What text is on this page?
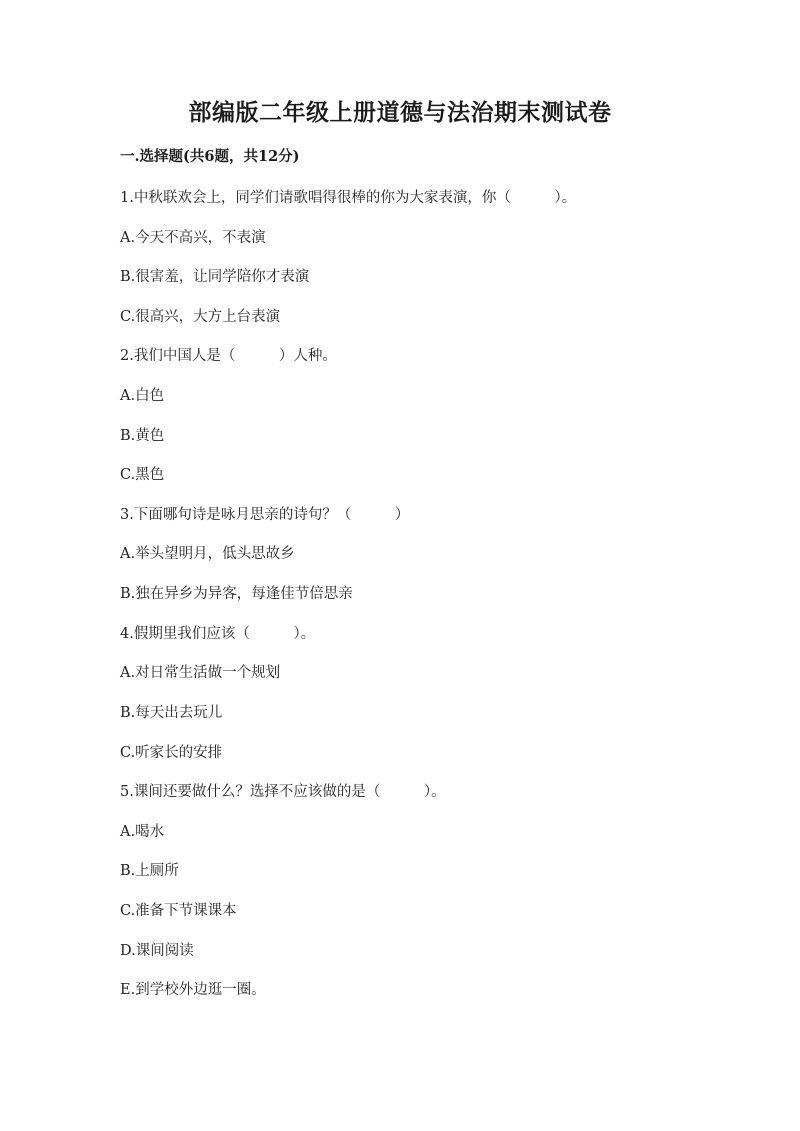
部编版二年级上册道德与法治期末测试卷
一.选择题(共6题，共12分)
1.中秋联欢会上，同学们请歌唱得很棒的你为大家表演，你（　　　）。
A.今天不高兴，不表演
B.很害羞，让同学陪你才表演
C.很高兴，大方上台表演
2.我们中国人是（　　　）人种。
A.白色
B.黄色
C.黑色
3.下面哪句诗是咏月思亲的诗句？（　　　）
A.举头望明月，低头思故乡
B.独在异乡为异客，每逢佳节倍思亲
4.假期里我们应该（　　　）。
A.对日常生活做一个规划
B.每天出去玩儿
C.听家长的安排
5.课间还要做什么？选择不应该做的是（　　　）。
A.喝水
B.上厕所
C.准备下节课课本
D.课间阅读
E.到学校外边逛一圈。
